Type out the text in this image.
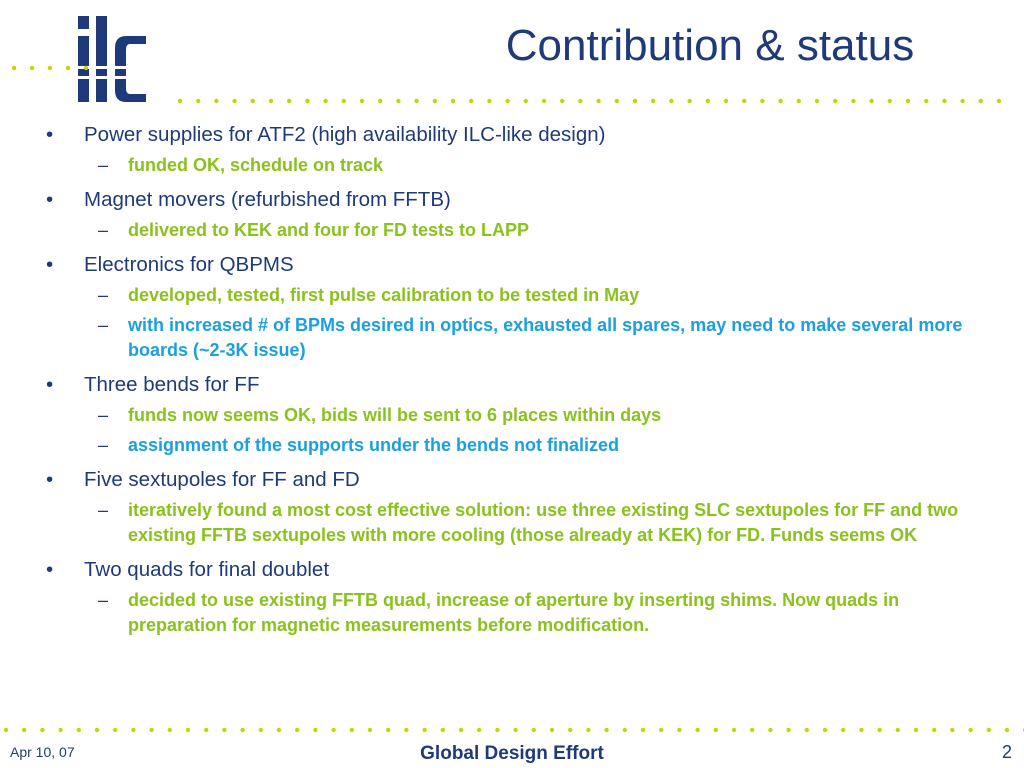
Contribution & status
•	Power supplies for ATF2 (high availability ILC-like design)
– funded OK, schedule on track
•	Magnet movers (refurbished from FFTB)
– delivered to KEK and four for FD tests to LAPP
•	Electronics for QBPMS
– developed, tested, first pulse calibration to be tested in May
– with increased # of BPMs desired in optics, exhausted all spares, may need to make several more boards (~2-3K issue)
•	Three bends for FF
– funds now seems OK, bids will be sent to 6 places within days
– assignment of the supports under the bends not finalized
•	Five sextupoles for FF and FD
– iteratively found a most cost effective solution: use three existing SLC sextupoles for FF and two existing FFTB sextupoles with more cooling (those already at KEK) for FD. Funds seems OK
•	Two quads for final doublet
– decided to use existing FFTB quad, increase of aperture by inserting shims. Now quads in preparation for magnetic measurements before modification.
Apr 10, 07	Global Design Effort	2
